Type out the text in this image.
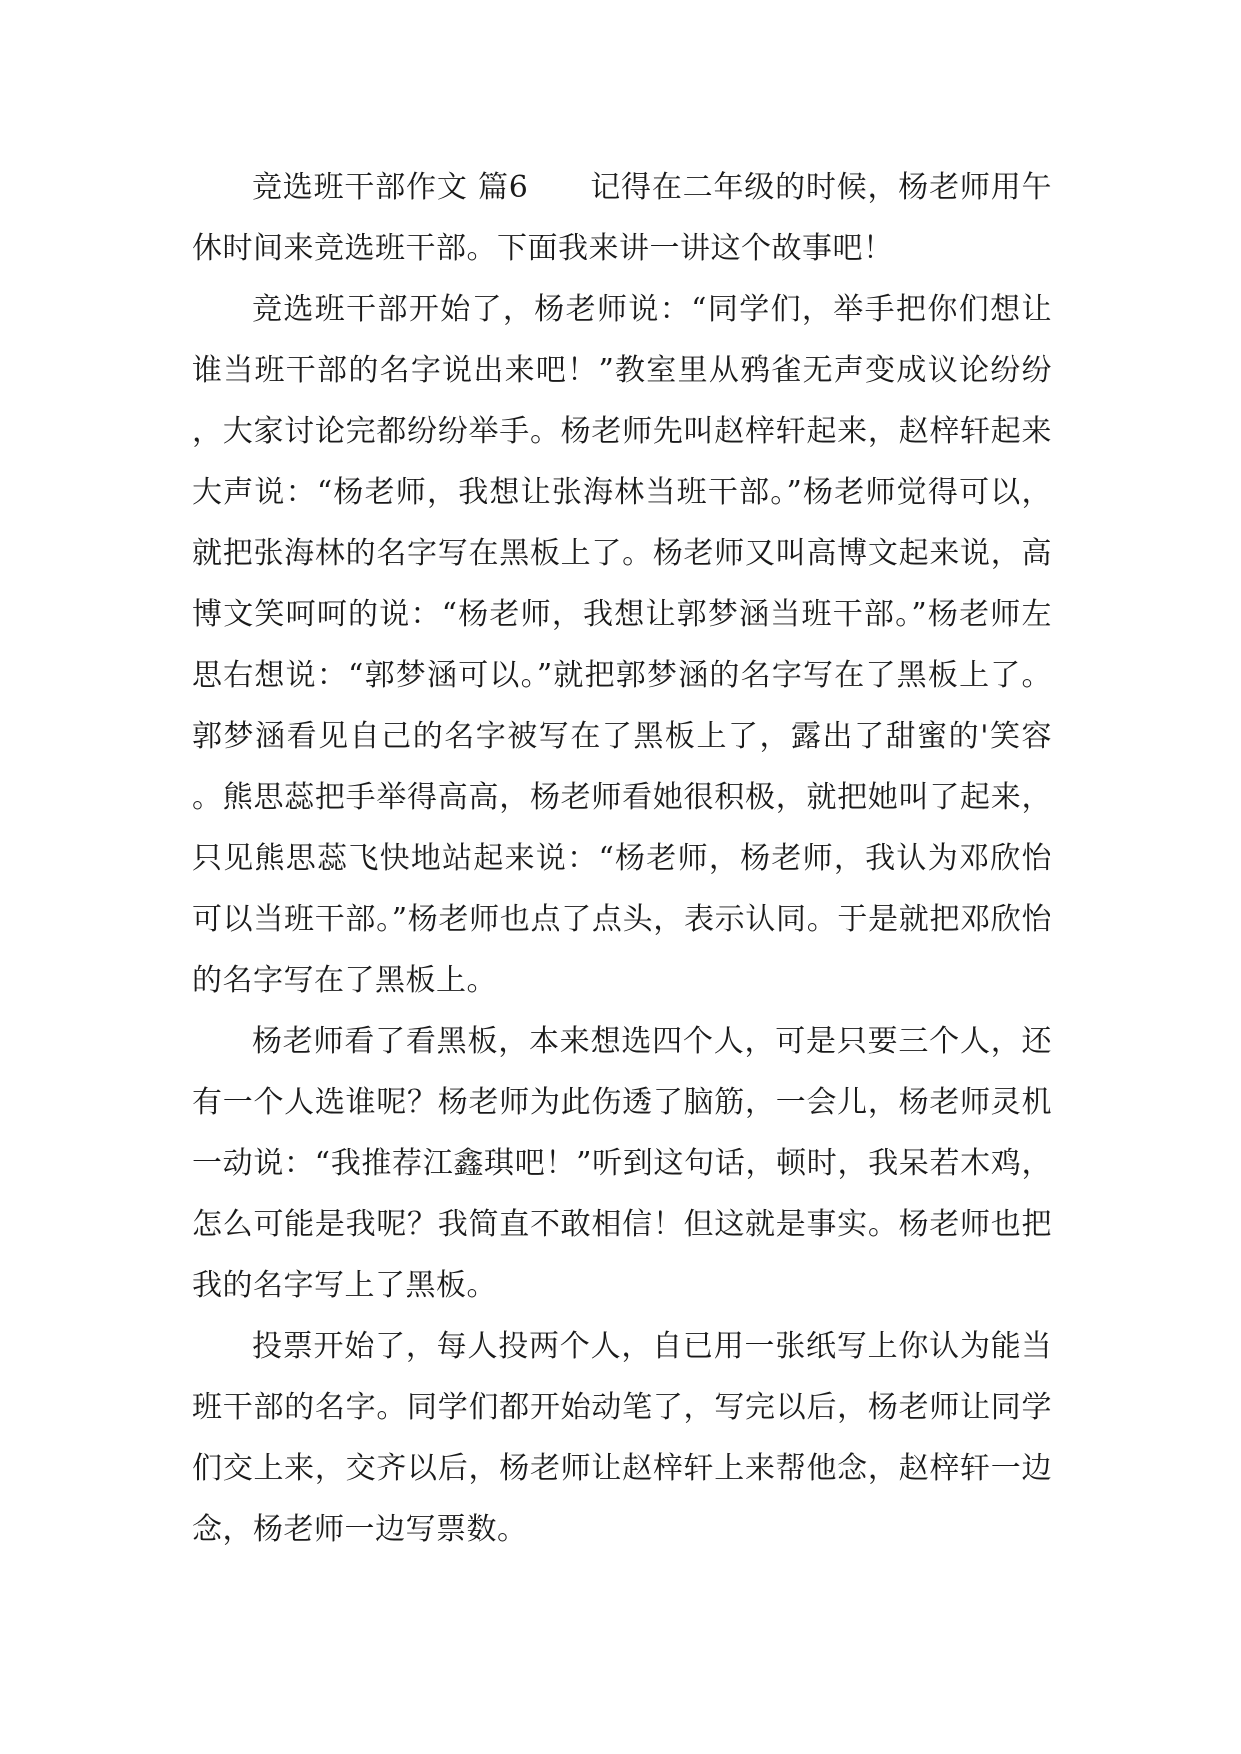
竞选班干部作文 篇6　　记得在二年级的时候，杨老师用午休时间来竞选班干部。下面我来讲一讲这个故事吧！

竞选班干部开始了，杨老师说：“同学们，举手把你们想让谁当班干部的名字说出来吧！”教室里从鸦雀无声变成议论纷纷，大家讨论完都纷纷举手。杨老师先叫赵梓轩起来，赵梓轩起来大声说：“杨老师，我想让张海林当班干部。”杨老师觉得可以，就把张海林的名字写在黑板上了。杨老师又叫高博文起来说，高博文笑呵呵的说：“杨老师，我想让郭梦涵当班干部。”杨老师左思右想说：“郭梦涵可以。”就把郭梦涵的名字写在了黑板上了。郭梦涵看见自己的名字被写在了黑板上了，露出了甜蜜的'笑容。熊思蕊把手举得高高，杨老师看她很积极，就把她叫了起来，只见熊思蕊飞快地站起来说：“杨老师，杨老师，我认为邓欣怡可以当班干部。”杨老师也点了点头，表示认同。于是就把邓欣怡的名字写在了黑板上。

杨老师看了看黑板，本来想选四个人，可是只要三个人，还有一个人选谁呢？杨老师为此伤透了脑筋，一会儿，杨老师灵机一动说：“我推荐江鑫琪吧！”听到这句话，顿时，我呆若木鸡，怎么可能是我呢？我简直不敢相信！但这就是事实。杨老师也把我的名字写上了黑板。

投票开始了，每人投两个人，自已用一张纸写上你认为能当班干部的名字。同学们都开始动笔了，写完以后，杨老师让同学们交上来，交齐以后，杨老师让赵梓轩上来帮他念，赵梓轩一边念，杨老师一边写票数。
